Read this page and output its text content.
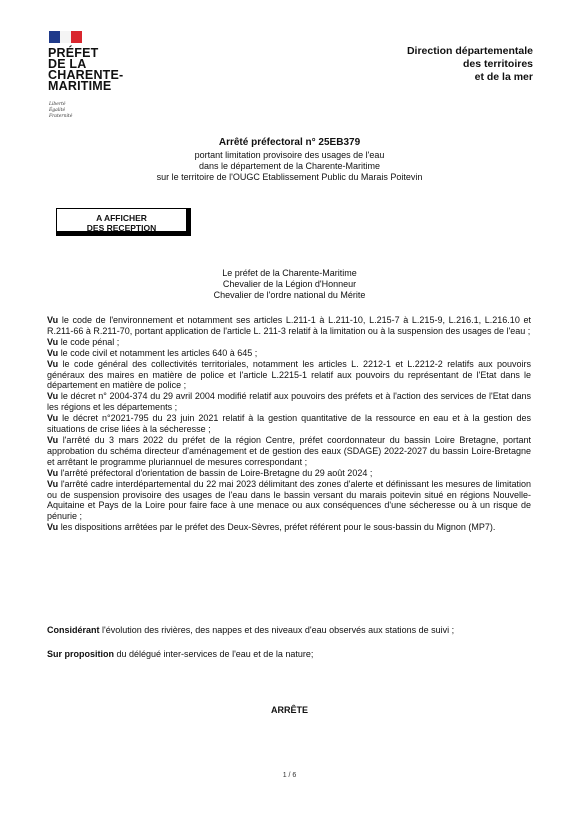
PRÉFET
DE LA
CHARENTE-
MARITIME
Liberté
Égalité
Fraternité
Direction départementale
des territoires
et de la mer
Arrêté préfectoral n° 25EB379
portant limitation provisoire des usages de l'eau
dans le département de la Charente-Maritime
sur le territoire de l'OUGC Etablissement Public du Marais Poitevin
A AFFICHER
DES RECEPTION
Le préfet de la Charente-Maritime
Chevalier de la Légion d'Honneur
Chevalier de l'ordre national du Mérite

Vu le code de l'environnement et notamment ses articles L.211-1 à L.211-10, L.215-7 à L.215-9, L.216.1, L.216.10 et R.211-66 à R.211-70, portant application de l'article L. 211-3 relatif à la limitation ou à la suspension des usages de l'eau ;

Vu le code pénal ;

Vu le code civil et notamment les articles 640 à 645 ;

Vu le code général des collectivités territoriales, notamment les articles L. 2212-1 et L.2212-2 relatifs aux pouvoirs généraux des maires en matière de police et l'article L.2215-1 relatif aux pouvoirs du représentant de l'Etat dans le département en matière de police ;

Vu le décret n° 2004-374 du 29 avril 2004 modifié relatif aux pouvoirs des préfets et à l'action des services de l'Etat dans les régions et les départements ;

Vu le décret n°2021-795 du 23 juin 2021 relatif à la gestion quantitative de la ressource en eau et à la gestion des situations de crise liées à la sécheresse ;

Vu l'arrêté du 3 mars 2022 du préfet de la région Centre, préfet coordonnateur du bassin Loire Bretagne, portant approbation du schéma directeur d'aménagement et de gestion des eaux (SDAGE) 2022-2027 du bassin Loire-Bretagne et arrêtant le programme pluriannuel de mesures correspondant ;

Vu l'arrêté préfectoral d'orientation de bassin de Loire-Bretagne du 29 août 2024 ;

Vu l'arrêté cadre interdépartemental du 22 mai 2023 délimitant des zones d'alerte et définissant les mesures de limitation ou de suspension provisoire des usages de l'eau dans le bassin versant du marais poitevin situé en régions Nouvelle-Aquitaine et Pays de la Loire pour faire face à une menace ou aux conséquences d'une sécheresse ou à un risque de pénurie ;

Vu les dispositions arrêtées par le préfet des Deux-Sèvres, préfet référent pour le sous-bassin du Mignon (MP7).

Considérant l'évolution des rivières, des nappes et des niveaux d'eau observés aux stations de suivi ;
Sur proposition du délégué inter-services de l'eau et de la nature;
ARRÊTE
1 / 6
